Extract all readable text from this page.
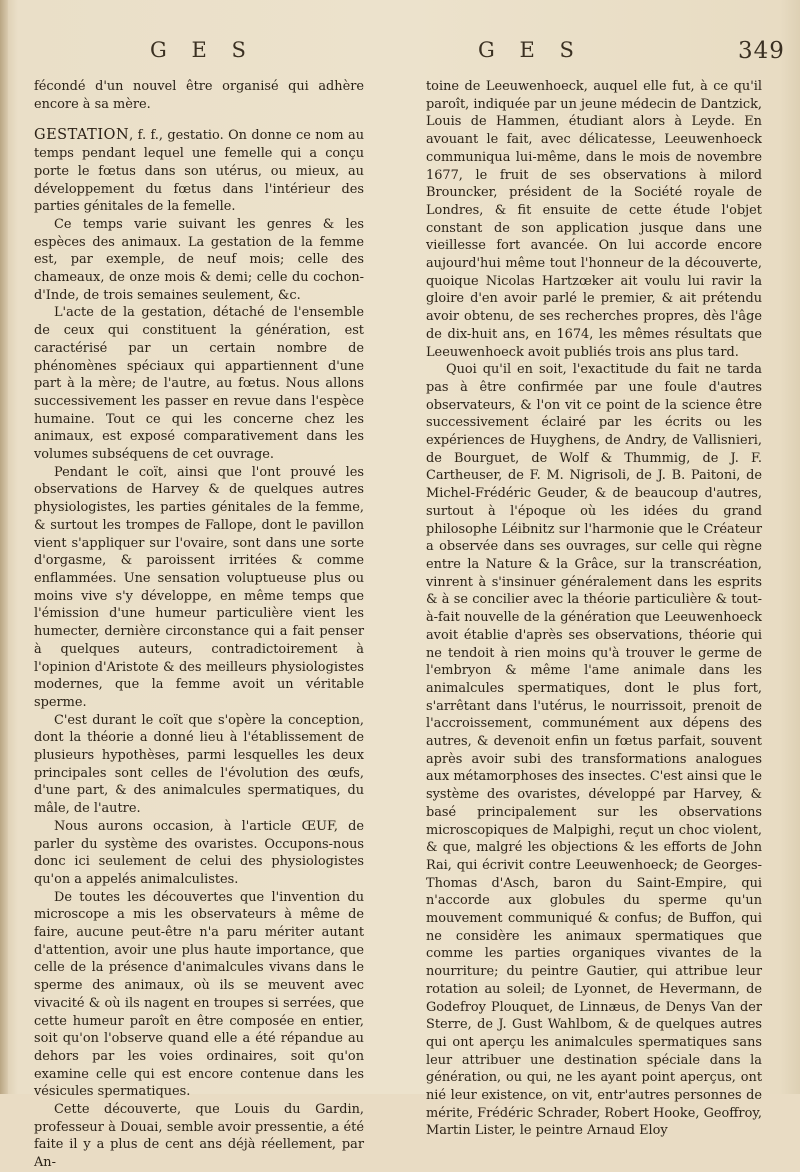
G E S	G E S	349

fécondé d'un nouvel être organisé qui adhère encore à sa mère.

GESTATION, f. f., gestatio. On donne ce nom au temps pendant lequel une femelle qui a conçu porte le fœtus dans son utérus, ou mieux, au développement du fœtus dans l'intérieur des parties génitales de la femelle.

Ce temps varie suivant les genres & les espèces des animaux. La gestation de la femme est, par exemple, de neuf mois; celle des chameaux, de onze mois & demi; celle du cochon-d'Inde, de trois semaines seulement, &c.

L'acte de la gestation, détaché de l'ensemble de ceux qui constituent la génération, est caractérisé par un certain nombre de phénomènes spéciaux qui appartiennent d'une part à la mère; de l'autre, au fœtus. Nous allons successivement les passer en revue dans l'espèce humaine. Tout ce qui les concerne chez les animaux, est exposé comparativement dans les volumes subséquens de cet ouvrage.

Pendant le coït, ainsi que l'ont prouvé les observations de Harvey & de quelques autres physiologistes, les parties génitales de la femme, & surtout les trompes de Fallope, dont le pavillon vient s'appliquer sur l'ovaire, sont dans une sorte d'orgasme, & paroissent irritées & comme enflammées. Une sensation voluptueuse plus ou moins vive s'y développe, en même temps que l'émission d'une humeur particulière vient les humecter, dernière circonstance qui a fait penser à quelques auteurs, contradictoirement à l'opinion d'Aristote & des meilleurs physiologistes modernes, que la femme avoit un véritable sperme.

C'est durant le coït que s'opère la conception, dont la théorie a donné lieu à l'établissement de plusieurs hypothèses, parmi lesquelles les deux principales sont celles de l'évolution des œufs, d'une part, & des animalcules spermatiques, du mâle, de l'autre.

Nous aurons occasion, à l'article ŒUF, de parler du système des ovaristes. Occupons-nous donc ici seulement de celui des physiologistes qu'on a appelés animalculistes.

De toutes les découvertes que l'invention du microscope a mis les observateurs à même de faire, aucune peut-être n'a paru mériter autant d'attention, avoir une plus haute importance, que celle de la présence d'animalcules vivans dans le sperme des animaux, où ils se meuvent avec vivacité & où ils nagent en troupes si serrées, que cette humeur paroît en être composée en entier, soit qu'on l'observe quand elle a été répandue au dehors par les voies ordinaires, soit qu'on examine celle qui est encore contenue dans les vésicules spermatiques.

Cette découverte, que Louis du Gardin, professeur à Douai, semble avoir pressentie, a été faite il y a plus de cent ans déjà réellement, par An-

toine de Leeuwenhoeck, auquel elle fut, à ce qu'il paroît, indiquée par un jeune médecin de Dantzick, Louis de Hammen, étudiant alors à Leyde. En avouant le fait, avec délicatesse, Leeuwenhoeck communiqua lui-même, dans le mois de novembre 1677, le fruit de ses observations à milord Brouncker, président de la Société royale de Londres, & fit ensuite de cette étude l'objet constant de son application jusque dans une vieillesse fort avancée. On lui accorde encore aujourd'hui même tout l'honneur de la découverte, quoique Nicolas Hartzœker ait voulu lui ravir la gloire d'en avoir parlé le premier, & ait prétendu avoir obtenu, de ses recherches propres, dès l'âge de dix-huit ans, en 1674, les mêmes résultats que Leeuwenhoeck avoit publiés trois ans plus tard.

Quoi qu'il en soit, l'exactitude du fait ne tarda pas à être confirmée par une foule d'autres observateurs, & l'on vit ce point de la science être successivement éclairé par les écrits ou les expériences de Huyghens, de Andry, de Vallisnieri, de Bourguet, de Wolf & Thummig, de J. F. Cartheuser, de F. M. Nigrisoli, de J. B. Paitoni, de Michel-Frédéric Geuder, & de beaucoup d'autres, surtout à l'époque où les idées du grand philosophe Léibnitz sur l'harmonie que le Créateur a observée dans ses ouvrages, sur celle qui règne entre la Nature & la Grâce, sur la transcréation, vinrent à s'insinuer généralement dans les esprits & à se concilier avec la théorie particulière & tout-à-fait nouvelle de la génération que Leeuwenhoeck avoit établie d'après ses observations, théorie qui ne tendoit à rien moins qu'à trouver le germe de l'embryon & même l'ame animale dans les animalcules spermatiques, dont le plus fort, s'arrêtant dans l'utérus, le nourrissoit, prenoit de l'accroissement, communément aux dépens des autres, & devenoit enfin un fœtus parfait, souvent après avoir subi des transformations analogues aux métamorphoses des insectes. C'est ainsi que le système des ovaristes, développé par Harvey, & basé principalement sur les observations microscopiques de Malpighi, reçut un choc violent, & que, malgré les objections & les efforts de John Rai, qui écrivit contre Leeuwenhoeck; de Georges-Thomas d'Asch, baron du Saint-Empire, qui n'accorde aux globules du sperme qu'un mouvement communiqué & confus; de Buffon, qui ne considère les animaux spermatiques que comme les parties organiques vivantes de la nourriture; du peintre Gautier, qui attribue leur rotation au soleil; de Lyonnet, de Hevermann, de Godefroy Plouquet, de Linnæus, de Denys Van der Sterre, de J. Gust Wahlbom, & de quelques autres qui ont aperçu les animalcules spermatiques sans leur attribuer une destination spéciale dans la génération, ou qui, ne les ayant point aperçus, ont nié leur existence, on vit, entr'autres personnes de mérite, Frédéric Schrader, Robert Hooke, Geoffroy, Martin Lister, le peintre Arnaud Eloy
